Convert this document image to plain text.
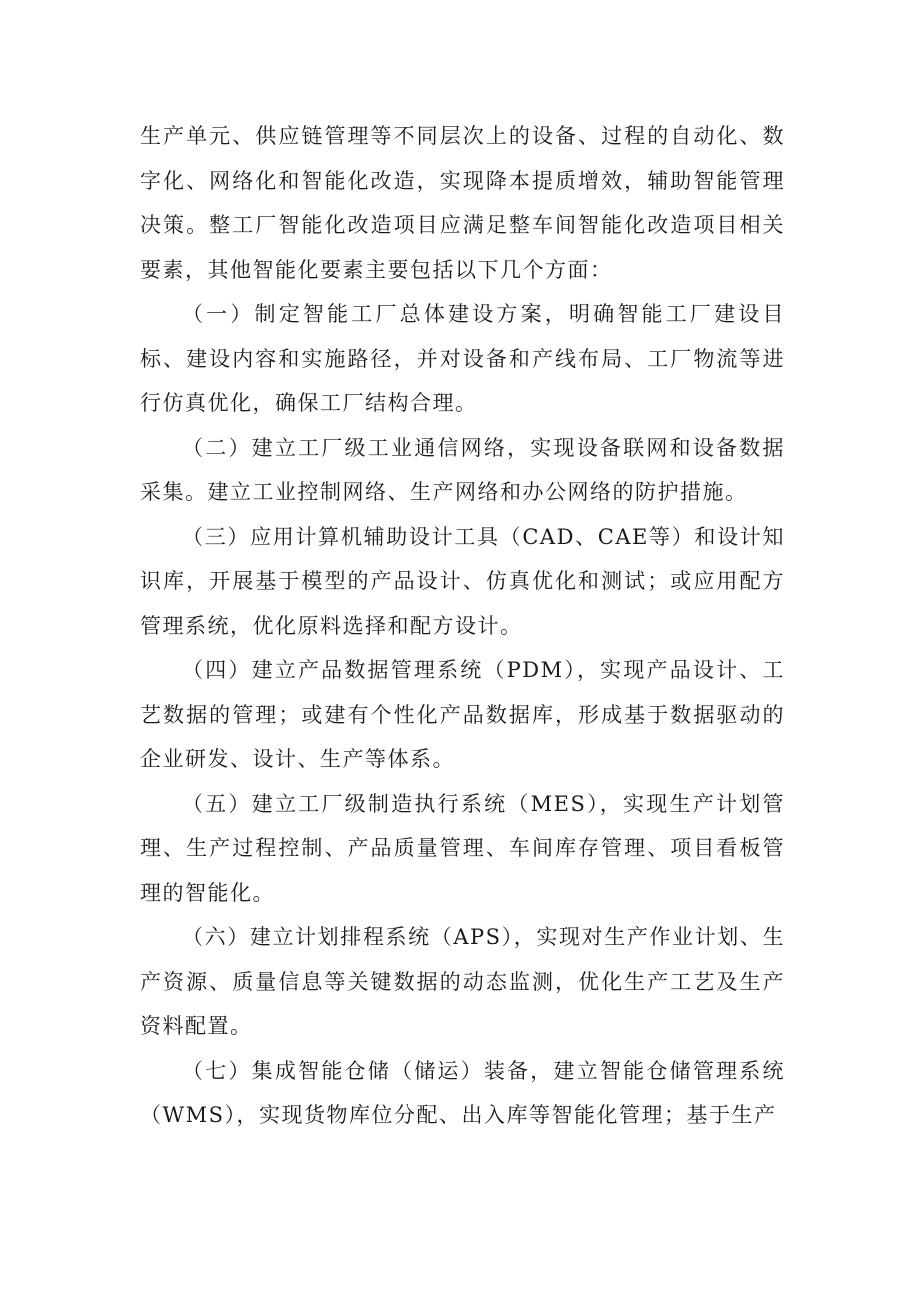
生产单元、供应链管理等不同层次上的设备、过程的自动化、数字化、网络化和智能化改造，实现降本提质增效，辅助智能管理决策。整工厂智能化改造项目应满足整车间智能化改造项目相关要素，其他智能化要素主要包括以下几个方面：

（一）制定智能工厂总体建设方案，明确智能工厂建设目标、建设内容和实施路径，并对设备和产线布局、工厂物流等进行仿真优化，确保工厂结构合理。

（二）建立工厂级工业通信网络，实现设备联网和设备数据采集。建立工业控制网络、生产网络和办公网络的防护措施。

（三）应用计算机辅助设计工具（CAD、CAE等）和设计知识库，开展基于模型的产品设计、仿真优化和测试；或应用配方管理系统，优化原料选择和配方设计。

（四）建立产品数据管理系统（PDM），实现产品设计、工艺数据的管理；或建有个性化产品数据库，形成基于数据驱动的企业研发、设计、生产等体系。

（五）建立工厂级制造执行系统（MES），实现生产计划管理、生产过程控制、产品质量管理、车间库存管理、项目看板管理的智能化。

（六）建立计划排程系统（APS），实现对生产作业计划、生产资源、质量信息等关键数据的动态监测，优化生产工艺及生产资料配置。

（七）集成智能仓储（储运）装备，建立智能仓储管理系统（WMS），实现货物库位分配、出入库等智能化管理；基于生产
